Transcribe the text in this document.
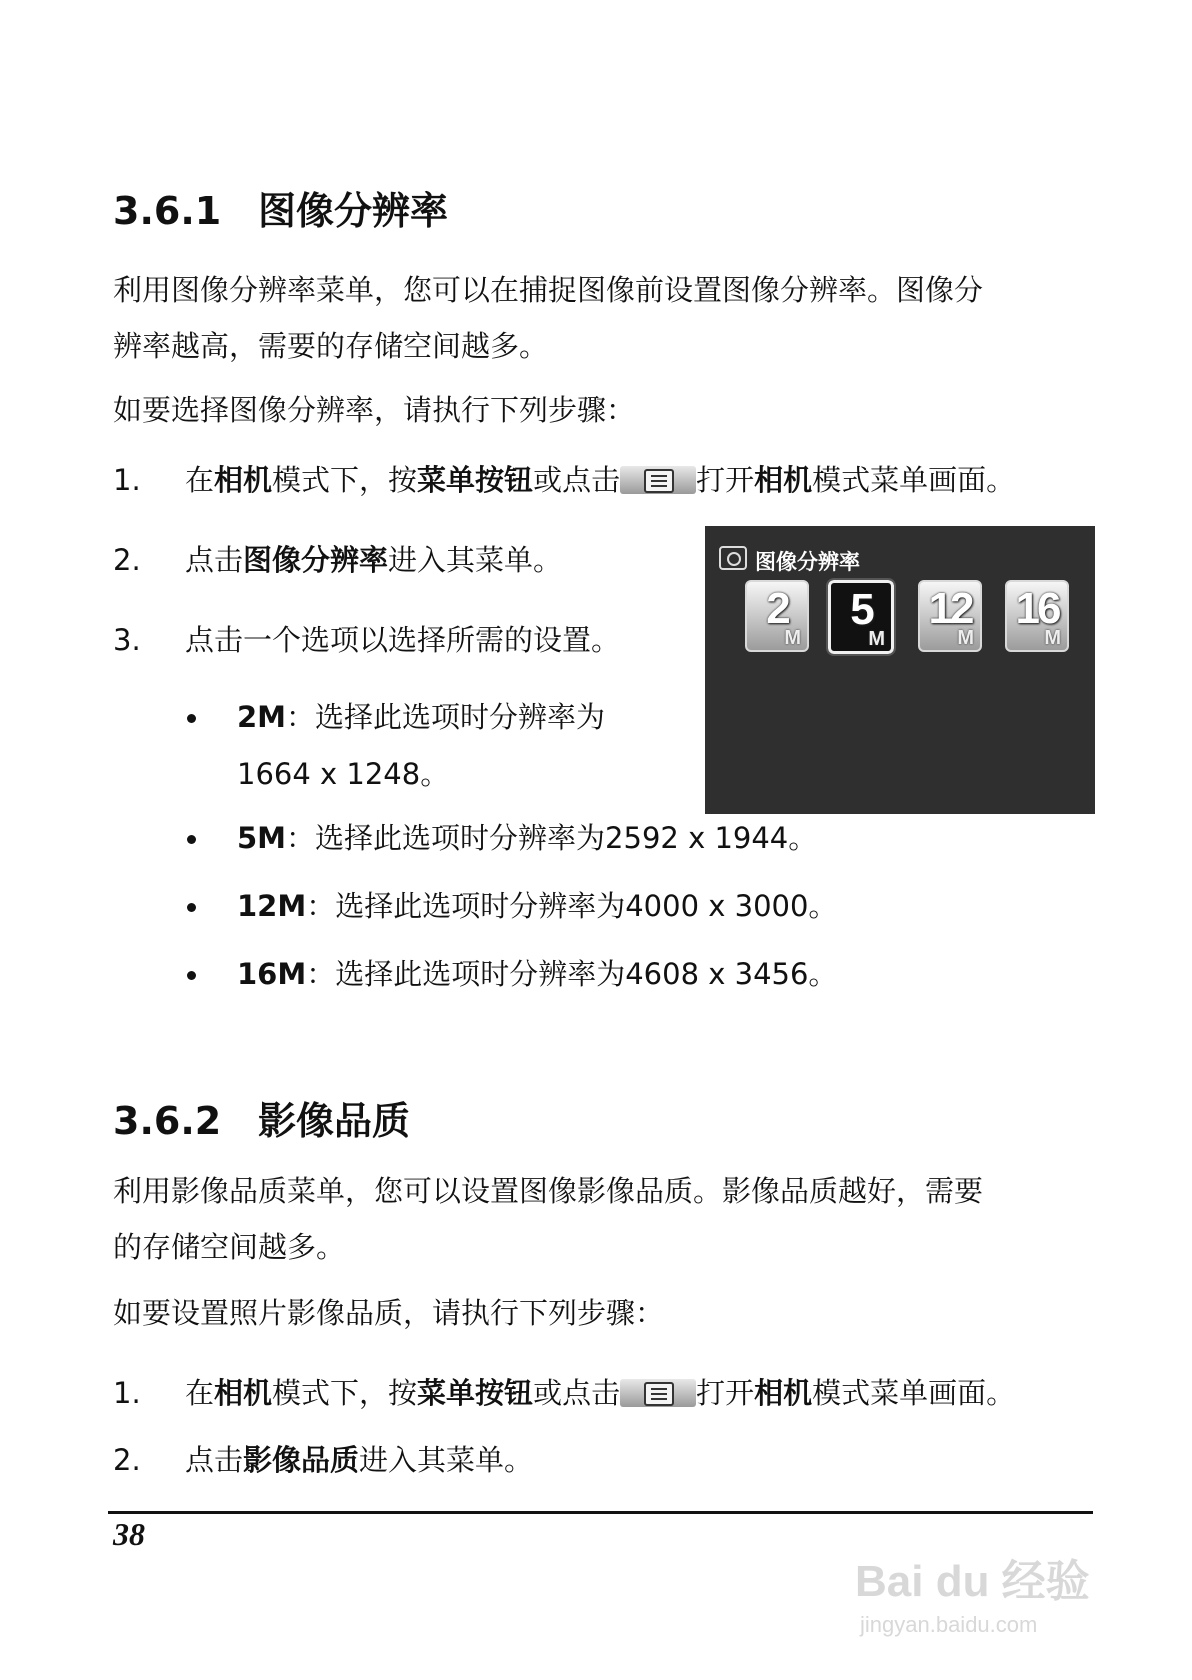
3.6.1 图像分辨率
利用图像分辨率菜单，您可以在捕捉图像前设置图像分辨率。图像分
辨率越高，需要的存储空间越多。
如要选择图像分辨率，请执行下列步骤：
1. 在相机模式下，按菜单按钮或点击	打开相机模式菜单画面。
2. 点击图像分辨率进入其菜单。
3. 点击一个选项以选择所需的设置。
2M：选择此选项时分辨率为
1664 x 1248。
5M：选择此选项时分辨率为2592 x 1944。
12M：选择此选项时分辨率为4000 x 3000。
16M：选择此选项时分辨率为4608 x 3456。
图像分辨率
2
M
5
M
12
M
16
M
3.6.2 影像品质
利用影像品质菜单，您可以设置图像影像品质。影像品质越好，需要
的存储空间越多。
如要设置照片影像品质，请执行下列步骤：
1. 在相机模式下，按菜单按钮或点击	打开相机模式菜单画面。
2. 点击影像品质进入其菜单。
38
Bai du 经验
jingyan.baidu.com
